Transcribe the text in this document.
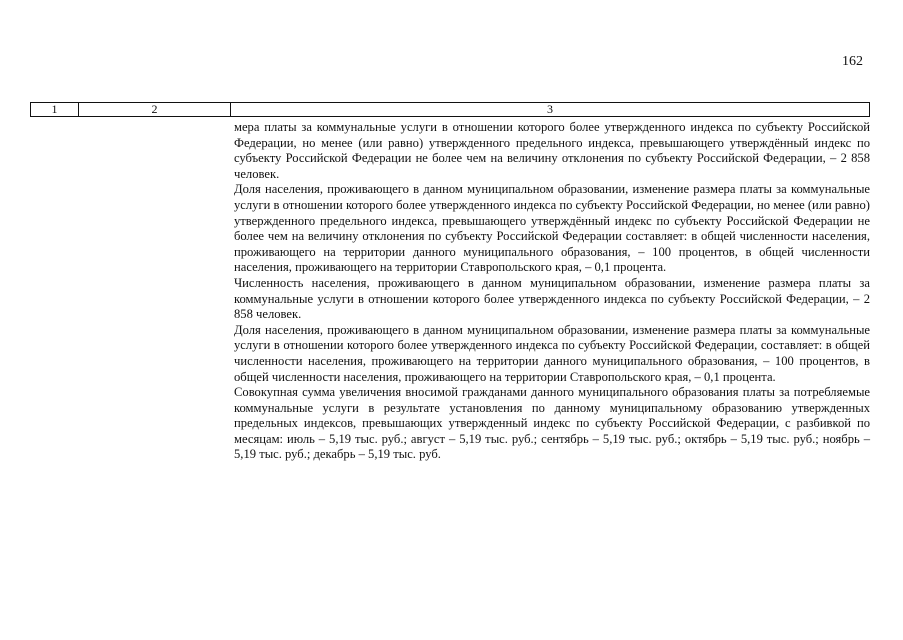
162
1	2	3

мера платы за коммунальные услуги в отношении которого более утвержденного индекса по субъекту Российской Федерации, но менее (или равно) утвержденного предельного индекса, превышающего утверждённый индекс по субъекту Российской Федерации не более чем на величину отклонения по субъекту Российской Федерации, – 2 858 человек.

Доля населения, проживающего в данном муниципальном образовании, изменение размера платы за коммунальные услуги в отношении которого более утвержденного индекса по субъекту Российской Федерации, но менее (или равно) утвержденного предельного индекса, превышающего утверждённый индекс по субъекту Российской Федерации не более чем на величину отклонения по субъекту Российской Федерации составляет: в общей численности населения, проживающего на территории данного муниципального образования, – 100 процентов, в общей численности населения, проживающего на территории Ставропольского края, – 0,1 процента.

Численность населения, проживающего в данном муниципальном образовании, изменение размера платы за коммунальные услуги в отношении которого более утвержденного индекса по субъекту Российской Федерации, – 2 858 человек.

Доля населения, проживающего в данном муниципальном образовании, изменение размера платы за коммунальные услуги в отношении которого более утвержденного индекса по субъекту Российской Федерации, составляет: в общей численности населения, проживающего на территории данного муниципального образования, – 100 процентов, в общей численности населения, проживающего на территории Ставропольского края, – 0,1 процента.

Совокупная сумма увеличения вносимой гражданами данного муниципального образования платы за потребляемые коммунальные услуги в результате установления по данному муниципальному образованию утвержденных предельных индексов, превышающих утвержденный индекс по субъекту Российской Федерации, с разбивкой по месяцам: июль – 5,19 тыс. руб.; август – 5,19 тыс. руб.; сентябрь – 5,19 тыс. руб.; октябрь – 5,19 тыс. руб.; ноябрь – 5,19 тыс. руб.; декабрь – 5,19 тыс. руб.
